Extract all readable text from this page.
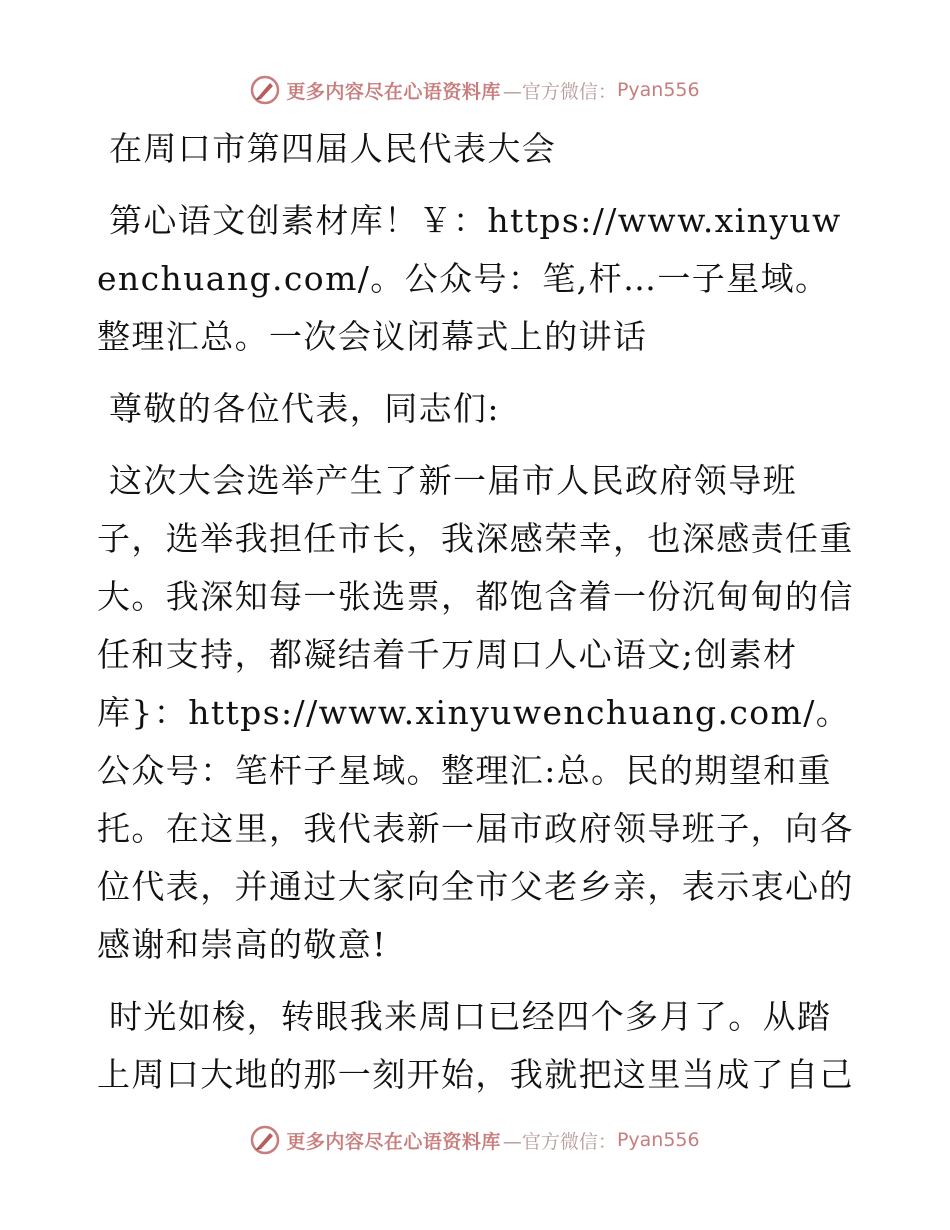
更多内容尽在心语资料库 —官方微信： Pyan556

在周口市第四届人民代表大会

第心语文创素材库！￥：https://www.xinyuwenchuang.com/。公众号：笔,杆…一子星域。整理汇总。一次会议闭幕式上的讲话

尊敬的各位代表，同志们:

这次大会选举产生了新一届市人民政府领导班子，选举我担任市长，我深感荣幸，也深感责任重大。我深知每一张选票，都饱含着一份沉甸甸的信任和支持，都凝结着千万周口人心语文;创素材库}：https://www.xinyuwenchuang.com/。公众号：笔杆子星域。整理汇:总。民的期望和重托。在这里，我代表新一届市政府领导班子，向各位代表，并通过大家向全市父老乡亲，表示衷心的感谢和崇高的敬意!

时光如梭，转眼我来周口已经四个多月了。从踏上周口大地的那一刻开始，我就把这里当成了自己

更多内容尽在心语资料库 —官方微信： Pyan556
